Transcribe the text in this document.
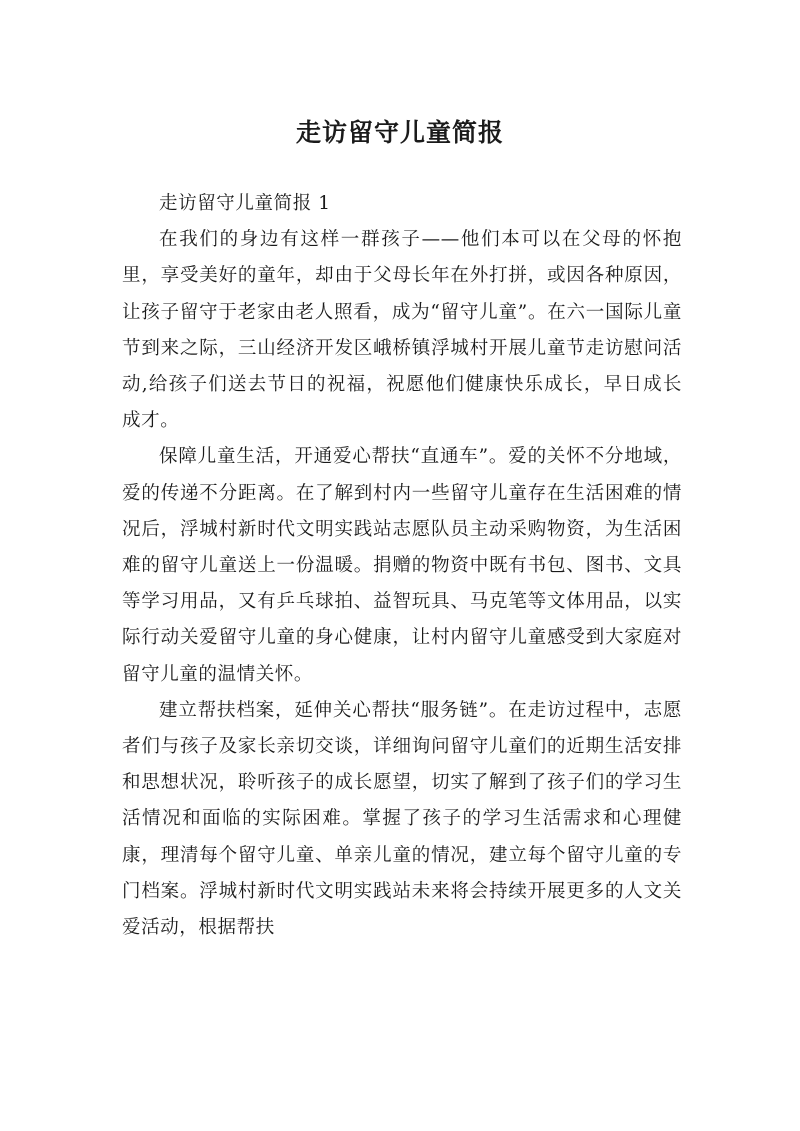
走访留守儿童简报

走访留守儿童简报 1

在我们的身边有这样一群孩子——他们本可以在父母的怀抱里，享受美好的童年，却由于父母长年在外打拼，或因各种原因，让孩子留守于老家由老人照看，成为“留守儿童”。在六一国际儿童节到来之际，三山经济开发区峨桥镇浮城村开展儿童节走访慰问活动,给孩子们送去节日的祝福，祝愿他们健康快乐成长，早日成长成才。

保障儿童生活，开通爱心帮扶“直通车”。爱的关怀不分地域，爱的传递不分距离。在了解到村内一些留守儿童存在生活困难的情况后，浮城村新时代文明实践站志愿队员主动采购物资，为生活困难的留守儿童送上一份温暖。捐赠的物资中既有书包、图书、文具等学习用品，又有乒乓球拍、益智玩具、马克笔等文体用品，以实际行动关爱留守儿童的身心健康，让村内留守儿童感受到大家庭对留守儿童的温情关怀。

建立帮扶档案，延伸关心帮扶“服务链”。在走访过程中，志愿者们与孩子及家长亲切交谈，详细询问留守儿童们的近期生活安排和思想状况，聆听孩子的成长愿望，切实了解到了孩子们的学习生活情况和面临的实际困难。掌握了孩子的学习生活需求和心理健康，理清每个留守儿童、单亲儿童的情况，建立每个留守儿童的专门档案。浮城村新时代文明实践站未来将会持续开展更多的人文关爱活动，根据帮扶
